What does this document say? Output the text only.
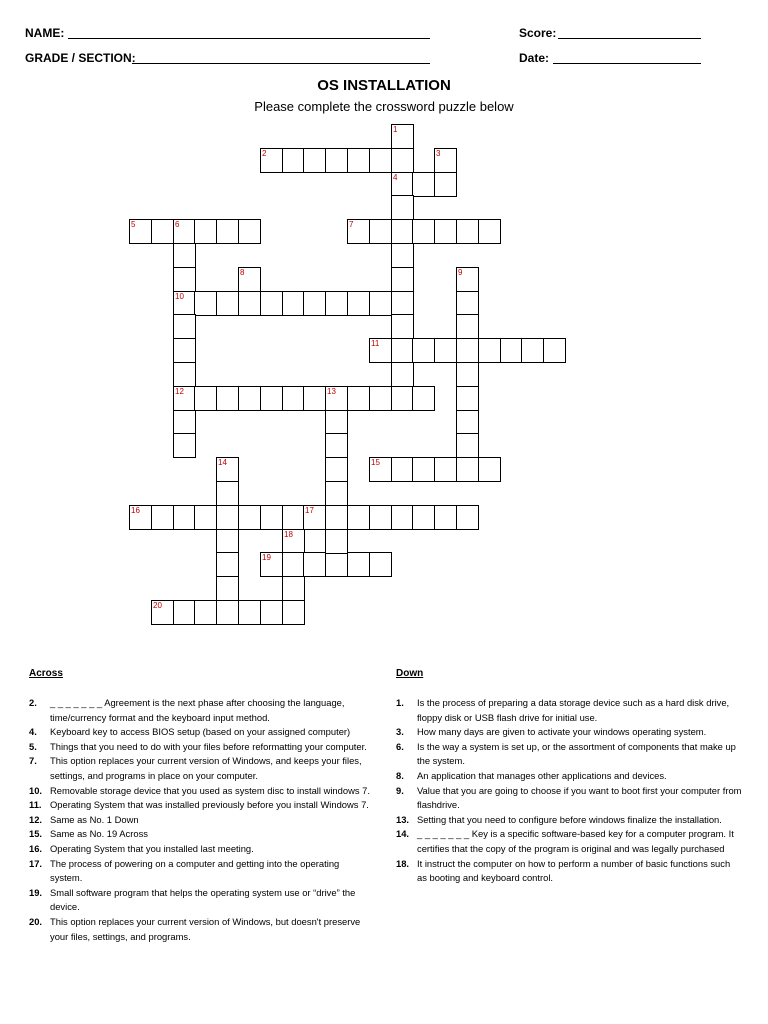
NAME:
GRADE / SECTION:
Score:
Date:
OS INSTALLATION
Please complete the crossword puzzle below
2
4
5	6	7
10
11
12	13
15
16	17
18
19
20
1
3
8	9
14
Across	Down
2. _ _ _ _ _ _ _ Agreement is the next phase after choosing the language, time/currency format and the keyboard input method.
4. Keyboard key to access BIOS setup (based on your assigned computer)
5. Things that you need to do with your files before reformatting your computer.
7. This option replaces your current version of Windows, and keeps your files, settings, and programs in place on your computer.
10. Removable storage device that you used as system disc to install windows 7.
11. Operating System that was installed previously before you install Windows 7.
12. Same as No. 1 Down
15. Same as No. 19 Across
16. Operating System that you installed last meeting.
17. The process of powering on a computer and getting into the operating system.
19. Small software program that helps the operating system use or “drive” the device.
20. This option replaces your current version of Windows, but doesn't preserve your files, settings, and programs.
1. Is the process of preparing a data storage device such as a hard disk drive, floppy disk or USB flash drive for initial use.
3. How many days are given to activate your windows operating system.
6. Is the way a system is set up, or the assortment of components that make up the system.
8. An application that manages other applications and devices.
9. Value that you are going to choose if you want to boot first your computer from flashdrive.
13. Setting that you need to configure before windows finalize the installation.
14. _ _ _ _ _ _ _ Key is a specific software-based key for a computer program. It certifies that the copy of the program is original and was legally purchased
18. It instruct the computer on how to perform a number of basic functions such as booting and keyboard control.
